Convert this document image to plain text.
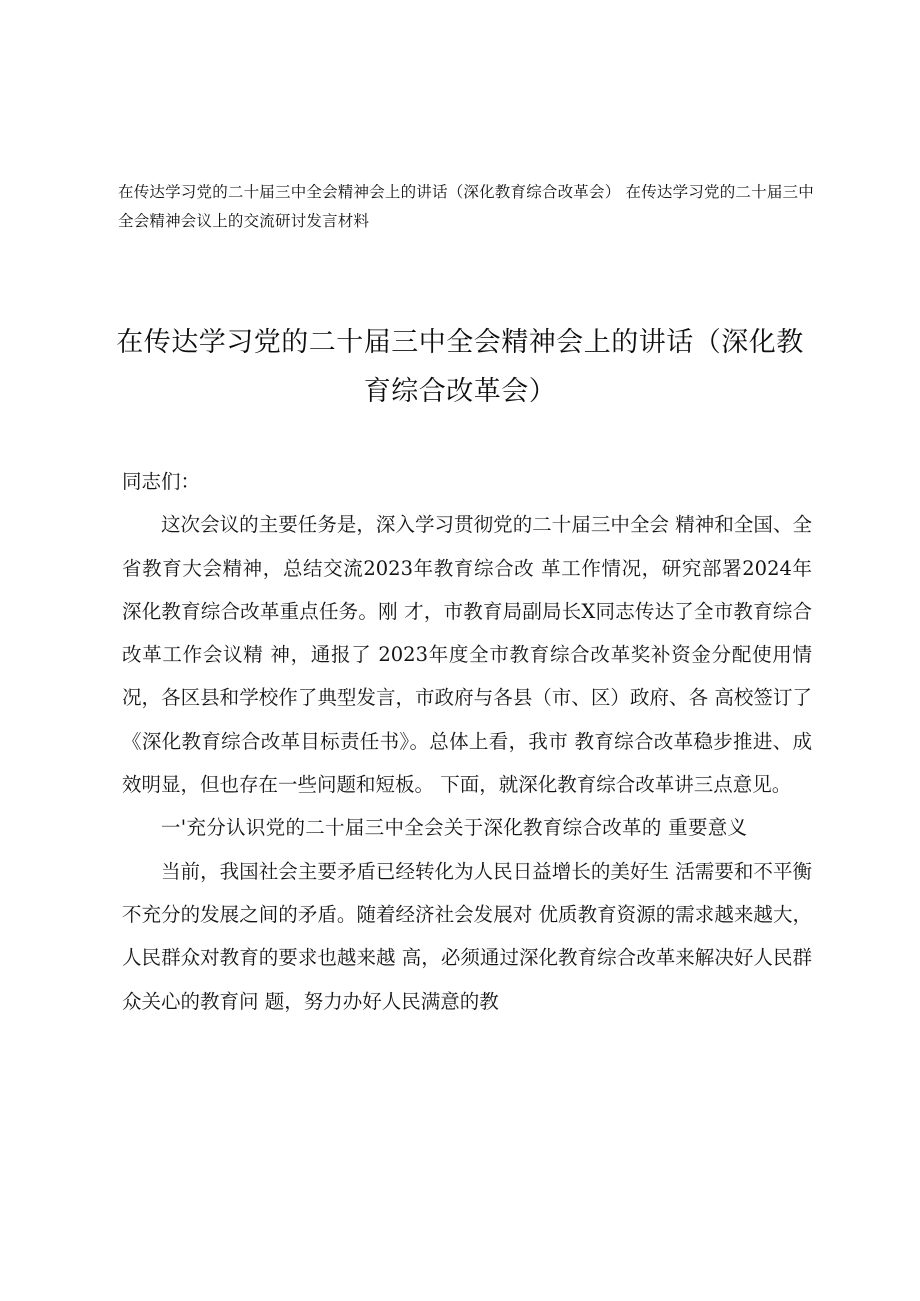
在传达学习党的二十届三中全会精神会上的讲话（深化教育综合改革会） 在传达学习党的二十届三中全会精神会议上的交流研讨发言材料
在传达学习党的二十届三中全会精神会上的讲话（深化教育综合改革会）

同志们：

这次会议的主要任务是，深入学习贯彻党的二十届三中全会 精神和全国、全省教育大会精神，总结交流2023年教育综合改 革工作情况，研究部署2024年深化教育综合改革重点任务。刚 才，市教育局副局长X同志传达了全市教育综合改革工作会议精 神，通报了 2023年度全市教育综合改革奖补资金分配使用情况，各区县和学校作了典型发言，市政府与各县（市、区）政府、各 高校签订了《深化教育综合改革目标责任书》。总体上看，我市 教育综合改革稳步推进、成效明显，但也存在一些问题和短板。 下面，就深化教育综合改革讲三点意见。

一'充分认识党的二十届三中全会关于深化教育综合改革的 重要意义

当前，我国社会主要矛盾已经转化为人民日益增长的美好生 活需要和不平衡不充分的发展之间的矛盾。随着经济社会发展对 优质教育资源的需求越来越大，人民群众对教育的要求也越来越 高，必须通过深化教育综合改革来解决好人民群众关心的教育问 题，努力办好人民满意的教
